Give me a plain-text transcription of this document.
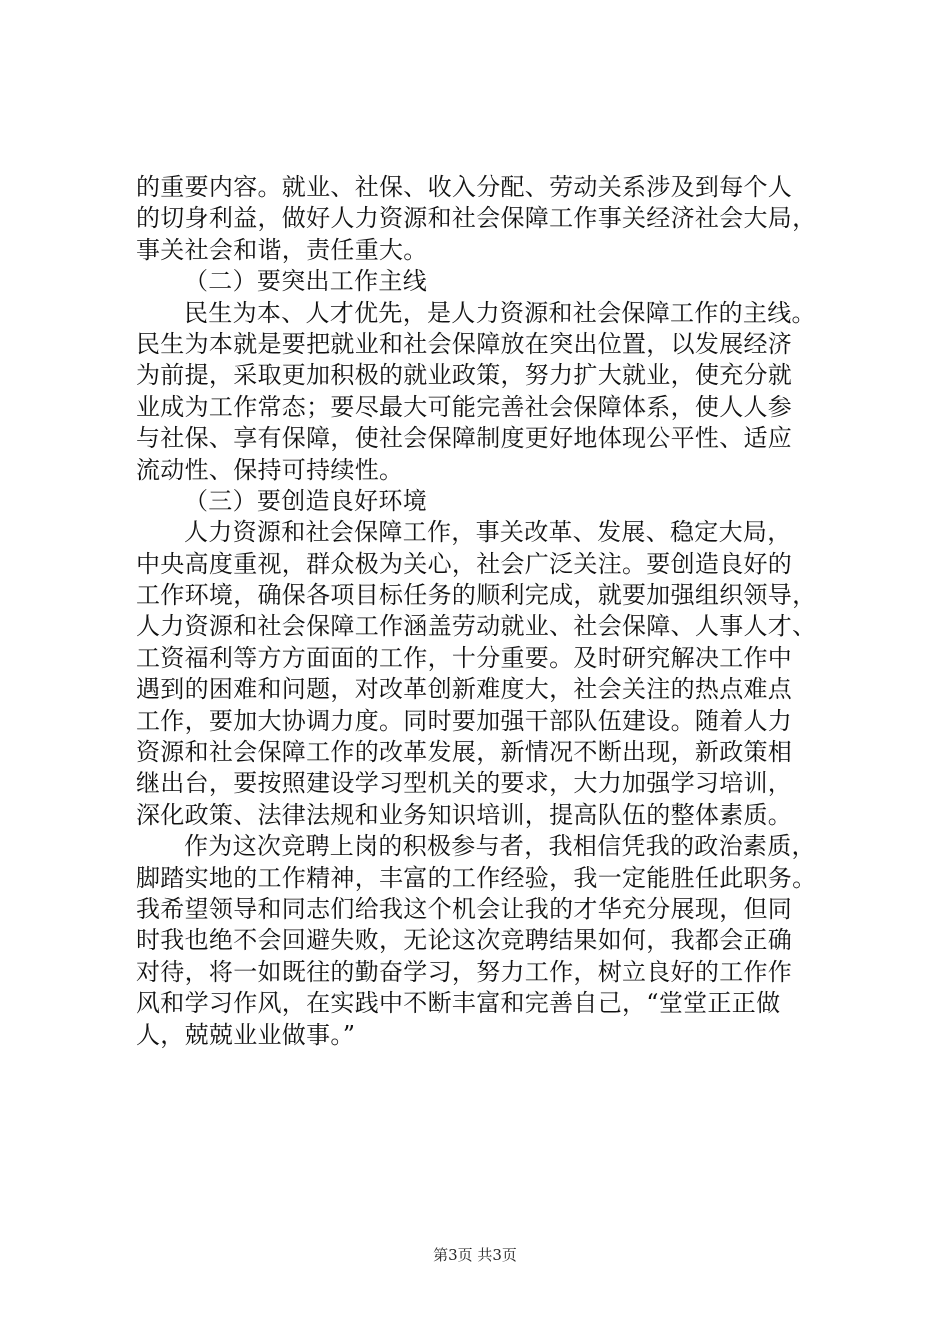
的重要内容。就业、社保、收入分配、劳动关系涉及到每个人
的切身利益，做好人力资源和社会保障工作事关经济社会大局，
事关社会和谐，责任重大。
（二）要突出工作主线
民生为本、人才优先，是人力资源和社会保障工作的主线。
民生为本就是要把就业和社会保障放在突出位置，以发展经济
为前提，采取更加积极的就业政策，努力扩大就业，使充分就
业成为工作常态；要尽最大可能完善社会保障体系，使人人参
与社保、享有保障，使社会保障制度更好地体现公平性、适应
流动性、保持可持续性。
（三）要创造良好环境
人力资源和社会保障工作，事关改革、发展、稳定大局，
中央高度重视，群众极为关心，社会广泛关注。要创造良好的
工作环境，确保各项目标任务的顺利完成，就要加强组织领导，
人力资源和社会保障工作涵盖劳动就业、社会保障、人事人才、
工资福利等方方面面的工作，十分重要。及时研究解决工作中
遇到的困难和问题，对改革创新难度大，社会关注的热点难点
工作，要加大协调力度。同时要加强干部队伍建设。随着人力
资源和社会保障工作的改革发展，新情况不断出现，新政策相
继出台，要按照建设学习型机关的要求，大力加强学习培训，
深化政策、法律法规和业务知识培训，提高队伍的整体素质。
作为这次竞聘上岗的积极参与者，我相信凭我的政治素质，
脚踏实地的工作精神，丰富的工作经验，我一定能胜任此职务。
我希望领导和同志们给我这个机会让我的才华充分展现，但同
时我也绝不会回避失败，无论这次竞聘结果如何，我都会正确
对待，将一如既往的勤奋学习，努力工作，树立良好的工作作
风和学习作风，在实践中不断丰富和完善自己，“堂堂正正做
人，兢兢业业做事。”
第3页 共3页
